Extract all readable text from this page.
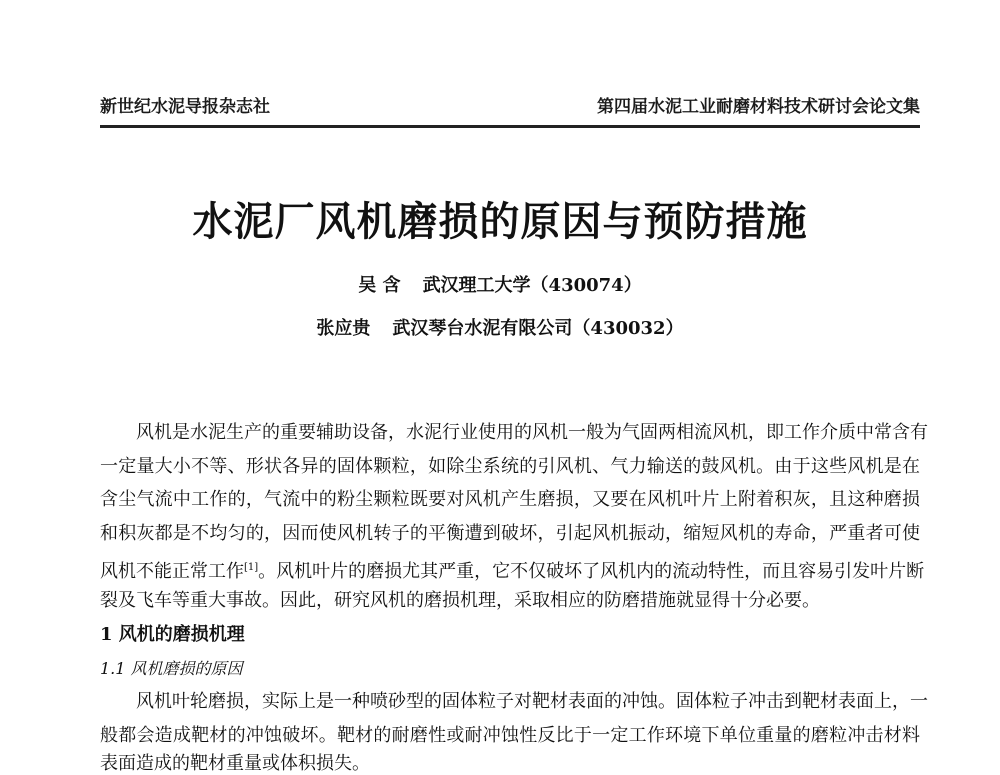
新世纪水泥导报杂志社	第四届水泥工业耐磨材料技术研讨会论文集
水泥厂风机磨损的原因与预防措施
吴 含 武汉理工大学（430074）
张应贵 武汉琴台水泥有限公司（430032）
风机是水泥生产的重要辅助设备，水泥行业使用的风机一般为气固两相流风机，即工作介质中常含有
一定量大小不等、形状各异的固体颗粒，如除尘系统的引风机、气力输送的鼓风机。由于这些风机是在
含尘气流中工作的，气流中的粉尘颗粒既要对风机产生磨损，又要在风机叶片上附着积灰，且这种磨损
和积灰都是不均匀的，因而使风机转子的平衡遭到破坏，引起风机振动，缩短风机的寿命，严重者可使
风机不能正常工作[1]。风机叶片的磨损尤其严重，它不仅破坏了风机内的流动特性，而且容易引发叶片断
裂及飞车等重大事故。因此，研究风机的磨损机理，采取相应的防磨措施就显得十分必要。
1 风机的磨损机理
1.1 风机磨损的原因
风机叶轮磨损，实际上是一种喷砂型的固体粒子对靶材表面的冲蚀。固体粒子冲击到靶材表面上，一
般都会造成靶材的冲蚀破坏。靶材的耐磨性或耐冲蚀性反比于一定工作环境下单位重量的磨粒冲击材料
表面造成的靶材重量或体积损失。
